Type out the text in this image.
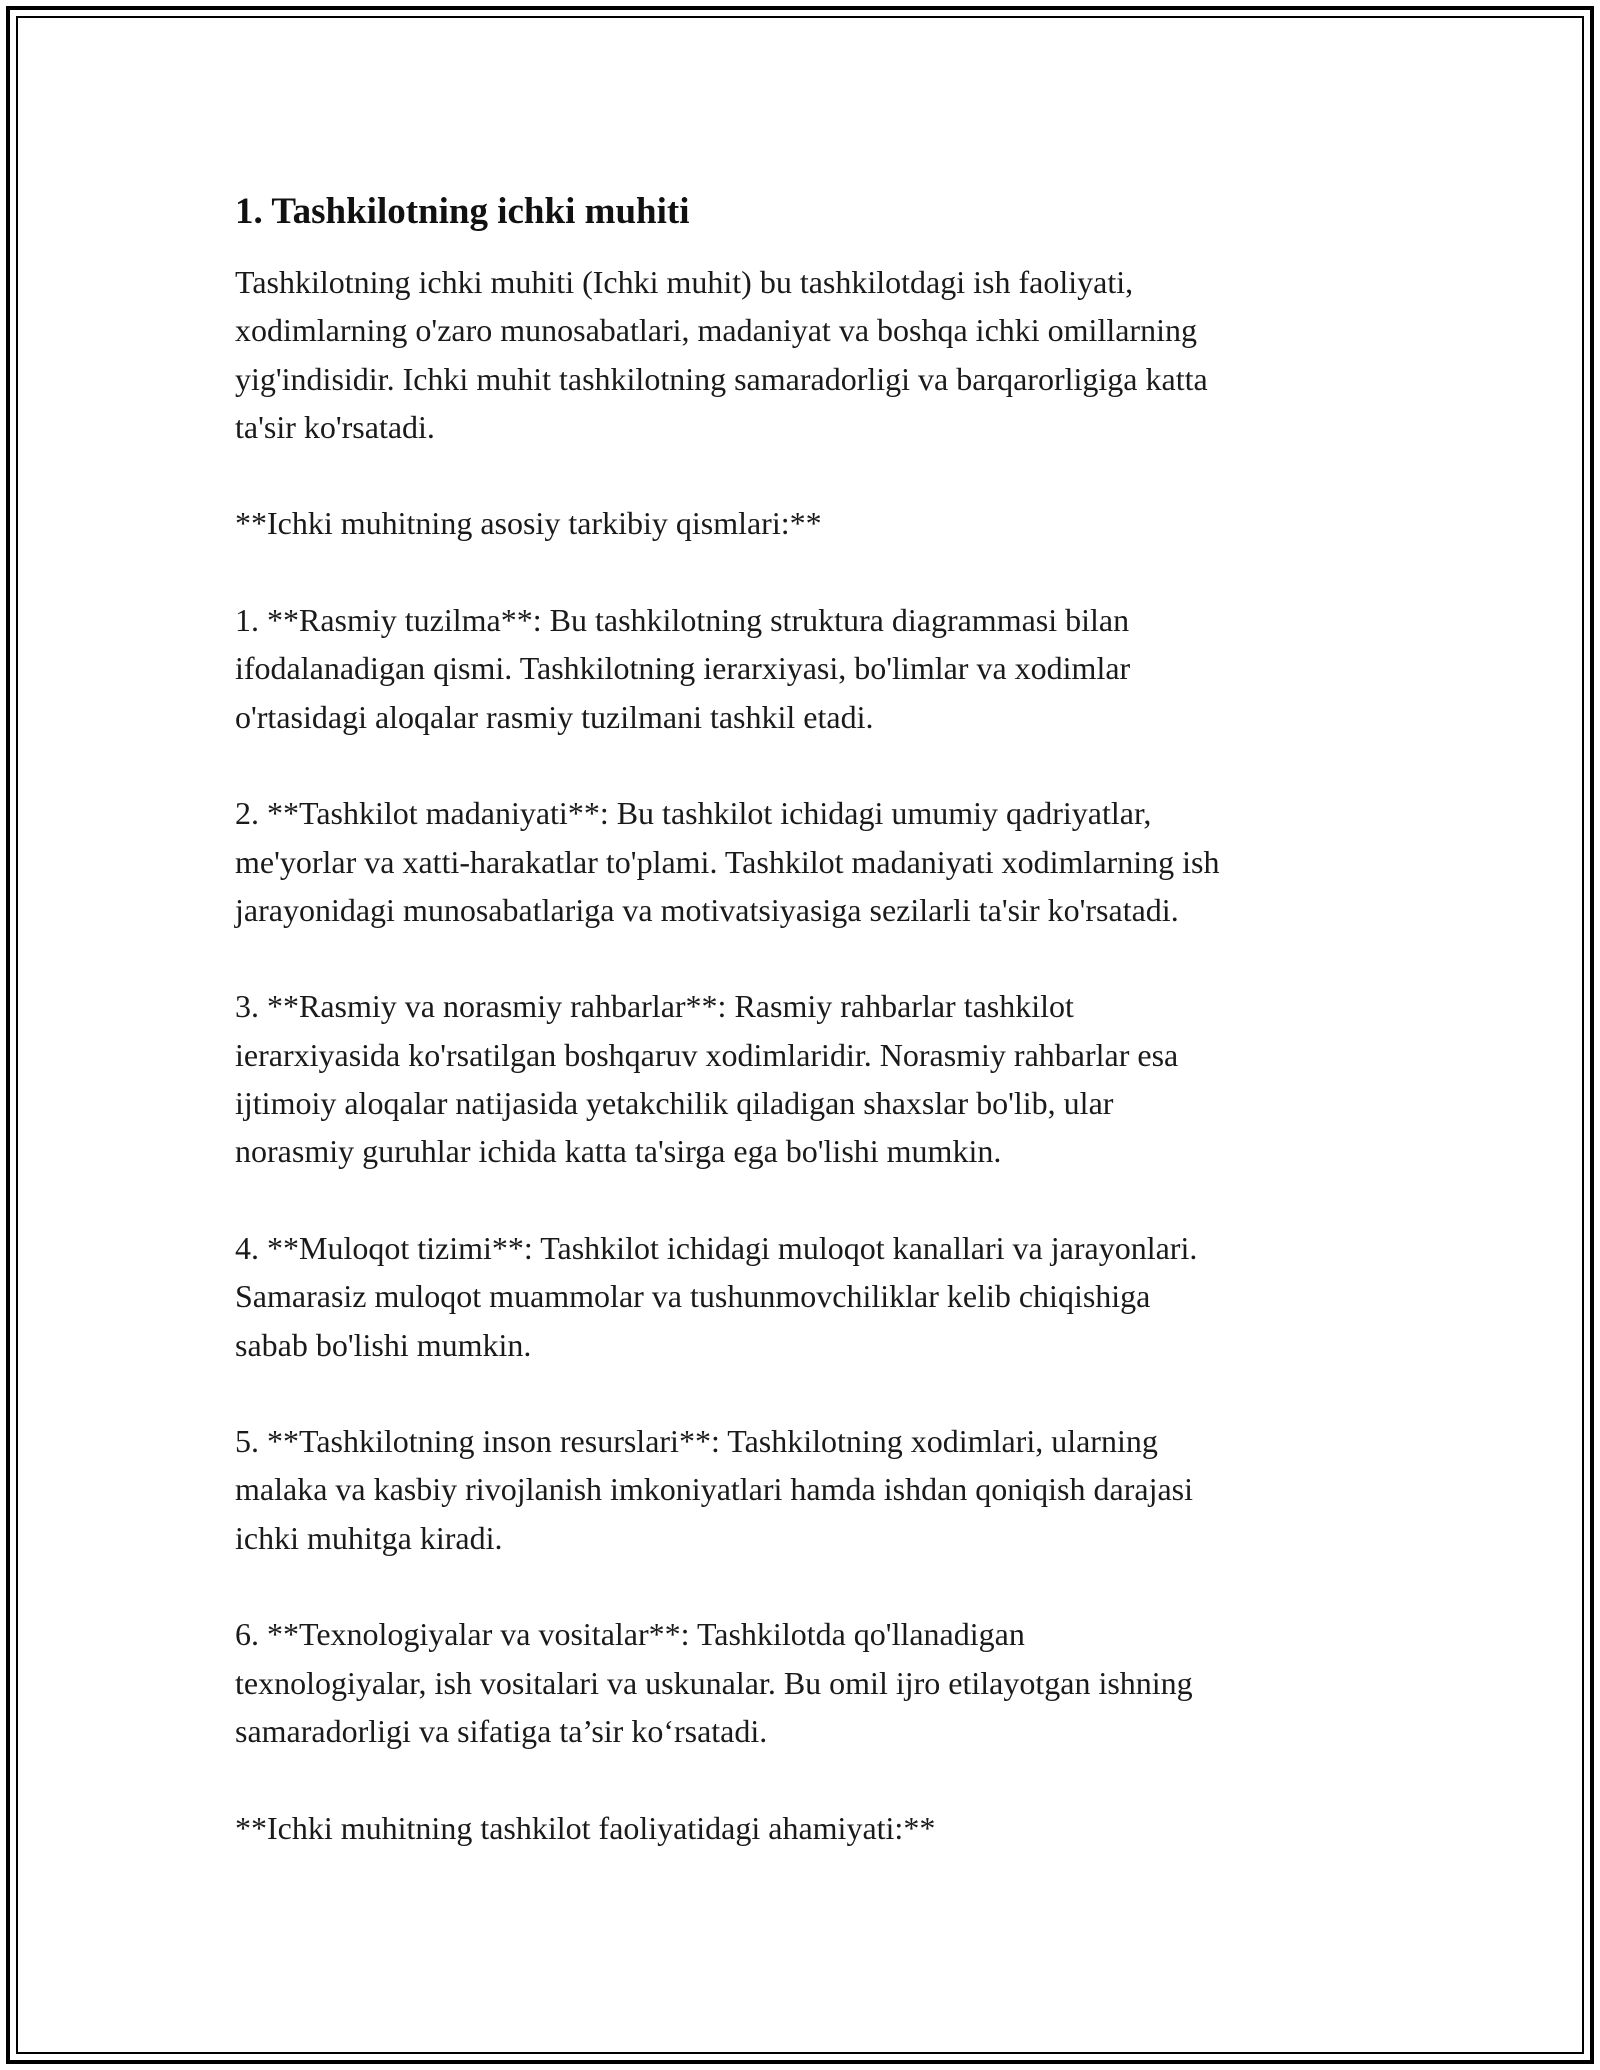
1. Tashkilotning ichki muhiti
Tashkilotning ichki muhiti (Ichki muhit) bu tashkilotdagi ish faoliyati,
xodimlarning o'zaro munosabatlari, madaniyat va boshqa ichki omillarning
yig'indisidir. Ichki muhit tashkilotning samaradorligi va barqarorligiga katta
ta'sir ko'rsatadi.
**Ichki muhitning asosiy tarkibiy qismlari:**
1. **Rasmiy tuzilma**: Bu tashkilotning struktura diagrammasi bilan
ifodalanadigan qismi. Tashkilotning ierarxiyasi, bo'limlar va xodimlar
o'rtasidagi aloqalar rasmiy tuzilmani tashkil etadi.
2. **Tashkilot madaniyati**: Bu tashkilot ichidagi umumiy qadriyatlar,
me'yorlar va xatti-harakatlar to'plami. Tashkilot madaniyati xodimlarning ish
jarayonidagi munosabatlariga va motivatsiyasiga sezilarli ta'sir ko'rsatadi.
3. **Rasmiy va norasmiy rahbarlar**: Rasmiy rahbarlar tashkilot
ierarxiyasida ko'rsatilgan boshqaruv xodimlaridir. Norasmiy rahbarlar esa
ijtimoiy aloqalar natijasida yetakchilik qiladigan shaxslar bo'lib, ular
norasmiy guruhlar ichida katta ta'sirga ega bo'lishi mumkin.
4. **Muloqot tizimi**: Tashkilot ichidagi muloqot kanallari va jarayonlari.
Samarasiz muloqot muammolar va tushunmovchiliklar kelib chiqishiga
sabab bo'lishi mumkin.
5. **Tashkilotning inson resurslari**: Tashkilotning xodimlari, ularning
malaka va kasbiy rivojlanish imkoniyatlari hamda ishdan qoniqish darajasi
ichki muhitga kiradi.
6. **Texnologiyalar va vositalar**: Tashkilotda qo'llanadigan
texnologiyalar, ish vositalari va uskunalar. Bu omil ijro etilayotgan ishning
samaradorligi va sifatiga ta’sir ko‘rsatadi.
**Ichki muhitning tashkilot faoliyatidagi ahamiyati:**
